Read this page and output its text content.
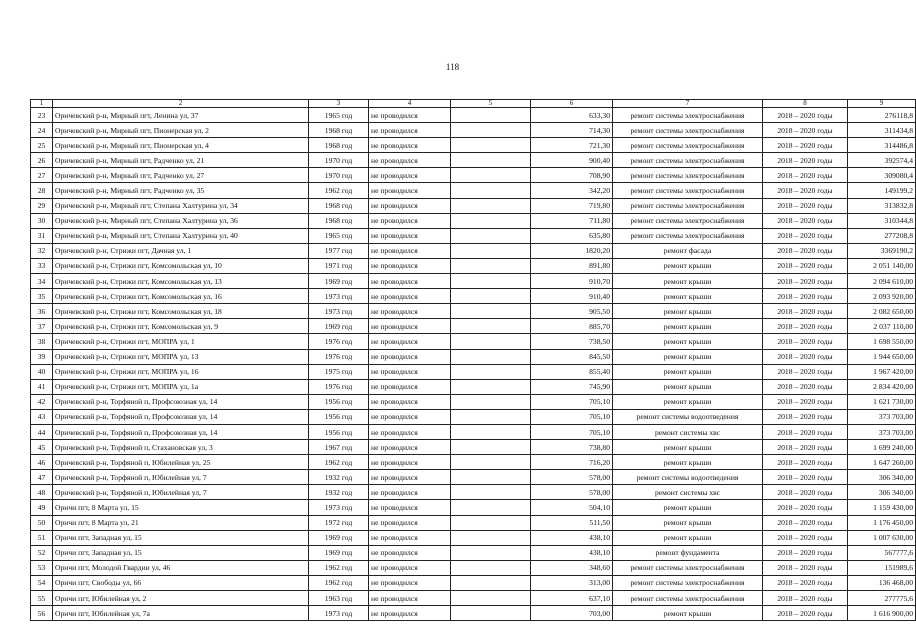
118
1	2	3	4	5	6	7	8	9
23	Оричевский р-н, Мирный пгт, Ленина ул, 37	1965 год	не проводился		633,30	ремонт системы электроснабжения	2018 – 2020 годы	276118,8
24	Оричевский р-н, Мирный пгт, Пионерская ул, 2	1968 год	не проводился		714,30	ремонт системы электроснабжения	2018 – 2020 годы	311434,8
25	Оричевский р-н, Мирный пгт, Пионерская ул, 4	1968 год	не проводился		721,30	ремонт системы электроснабжения	2018 – 2020 годы	314486,8
26	Оричевский р-н, Мирный пгт, Радченко ул, 21	1970 год	не проводился		900,40	ремонт системы электроснабжения	2018 – 2020 годы	392574,4
27	Оричевский р-н, Мирный пгт, Радченко ул, 27	1970 год	не проводился		708,90	ремонт системы электроснабжения	2018 – 2020 годы	309080,4
28	Оричевский р-н, Мирный пгт, Радченко ул, 35	1962 год	не проводился		342,20	ремонт системы электроснабжения	2018 – 2020 годы	149199,2
29	Оричевский р-н, Мирный пгт, Степана Халтурина ул, 34	1968 год	не проводился		719,80	ремонт системы электроснабжения	2018 – 2020 годы	313832,8
30	Оричевский р-н, Мирный пгт, Степана Халтурина ул, 36	1968 год	не проводился		711,80	ремонт системы электроснабжения	2018 – 2020 годы	310344,8
31	Оричевский р-н, Мирный пгт, Степана Халтурина ул, 40	1965 год	не проводился		635,80	ремонт системы электроснабжения	2018 – 2020 годы	277208,8
32	Оричевский р-н, Стрижи пгт, Дачная ул, 1	1977 год	не проводился		1820,20	ремонт фасада	2018 – 2020 годы	3369190,2
33	Оричевский р-н, Стрижи пгт, Комсомольская ул, 10	1971 год	не проводился		891,80	ремонт крыши	2018 – 2020 годы	2 051 140,00
34	Оричевский р-н, Стрижи пгт, Комсомольская ул, 13	1969 год	не проводился		910,70	ремонт крыши	2018 – 2020 годы	2 094 610,00
35	Оричевский р-н, Стрижи пгт, Комсомольская ул, 16	1973 год	не проводился		910,40	ремонт крыши	2018 – 2020 годы	2 093 920,00
36	Оричевский р-н, Стрижи пгт, Комсомольская ул, 18	1973 год	не проводился		905,50	ремонт крыши	2018 – 2020 годы	2 082 650,00
37	Оричевский р-н, Стрижи пгт, Комсомольская ул, 9	1969 год	не проводился		885,70	ремонт крыши	2018 – 2020 годы	2 037 110,00
38	Оричевский р-н, Стрижи пгт, МОПРА ул, 1	1976 год	не проводился		738,50	ремонт крыши	2018 – 2020 годы	1 698 550,00
39	Оричевский р-н, Стрижи пгт, МОПРА ул, 13	1976 год	не проводился		845,50	ремонт крыши	2018 – 2020 годы	1 944 650,00
40	Оричевский р-н, Стрижи пгт, МОПРА ул, 16	1975 год	не проводился		855,40	ремонт крыши	2018 – 2020 годы	1 967 420,00
41	Оричевский р-н, Стрижи пгт, МОПРА ул, 1а	1976 год	не проводился		745,90	ремонт крыши	2018 – 2020 годы	2 834 420,00
42	Оричевский р-н, Торфяной п, Профсоюзная ул, 14	1956 год	не проводился		705,10	ремонт крыши	2018 – 2020 годы	1 621 730,00
43	Оричевский р-н, Торфяной п, Профсоюзная ул, 14	1956 год	не проводился		705,10	ремонт системы водоотведения	2018 – 2020 годы	373 703,00
44	Оричевский р-н, Торфяной п, Профсоюзная ул, 14	1956 год	не проводился		705,10	ремонт системы хвс	2018 – 2020 годы	373 703,00
45	Оричевский р-н, Торфяной п, Стахановская ул, 3	1967 год	не проводился		738,80	ремонт крыши	2018 – 2020 годы	1 699 240,00
46	Оричевский р-н, Торфяной п, Юбилейная ул, 25	1962 год	не проводился		716,20	ремонт крыши	2018 – 2020 годы	1 647 260,00
47	Оричевский р-н, Торфяной п, Юбилейная ул, 7	1932 год	не проводился		578,00	ремонт системы водоотведения	2018 – 2020 годы	306 340,00
48	Оричевский р-н, Торфяной п, Юбилейная ул, 7	1932 год	не проводился		578,00	ремонт системы хвс	2018 – 2020 годы	306 340,00
49	Оричи пгт, 8 Марта ул, 15	1973 год	не проводился		504,10	ремонт крыши	2018 – 2020 годы	1 159 430,00
50	Оричи пгт, 8 Марта ул, 21	1972 год	не проводился		511,50	ремонт крыши	2018 – 2020 годы	1 176 450,00
51	Оричи пгт, Западная ул, 15	1969 год	не проводился		438,10	ремонт крыши	2018 – 2020 годы	1 007 630,00
52	Оричи пгт, Западная ул, 15	1969 год	не проводился		438,10	ремонт фундамента	2018 – 2020 годы	567777,6
53	Оричи пгт, Молодой Гвардии ул, 46	1962 год	не проводился		348,60	ремонт системы электроснабжения	2018 – 2020 годы	151989,6
54	Оричи пгт, Свободы ул, 66	1962 год	не проводился		313,00	ремонт системы электроснабжения	2018 – 2020 годы	136 468,00
55	Оричи пгт, Юбилейная ул, 2	1963 год	не проводился		637,10	ремонт системы электроснабжения	2018 – 2020 годы	277775,6
56	Оричи пгт, Юбилейная ул, 7а	1973 год	не проводился		703,00	ремонт крыши	2018 – 2020 годы	1 616 900,00
